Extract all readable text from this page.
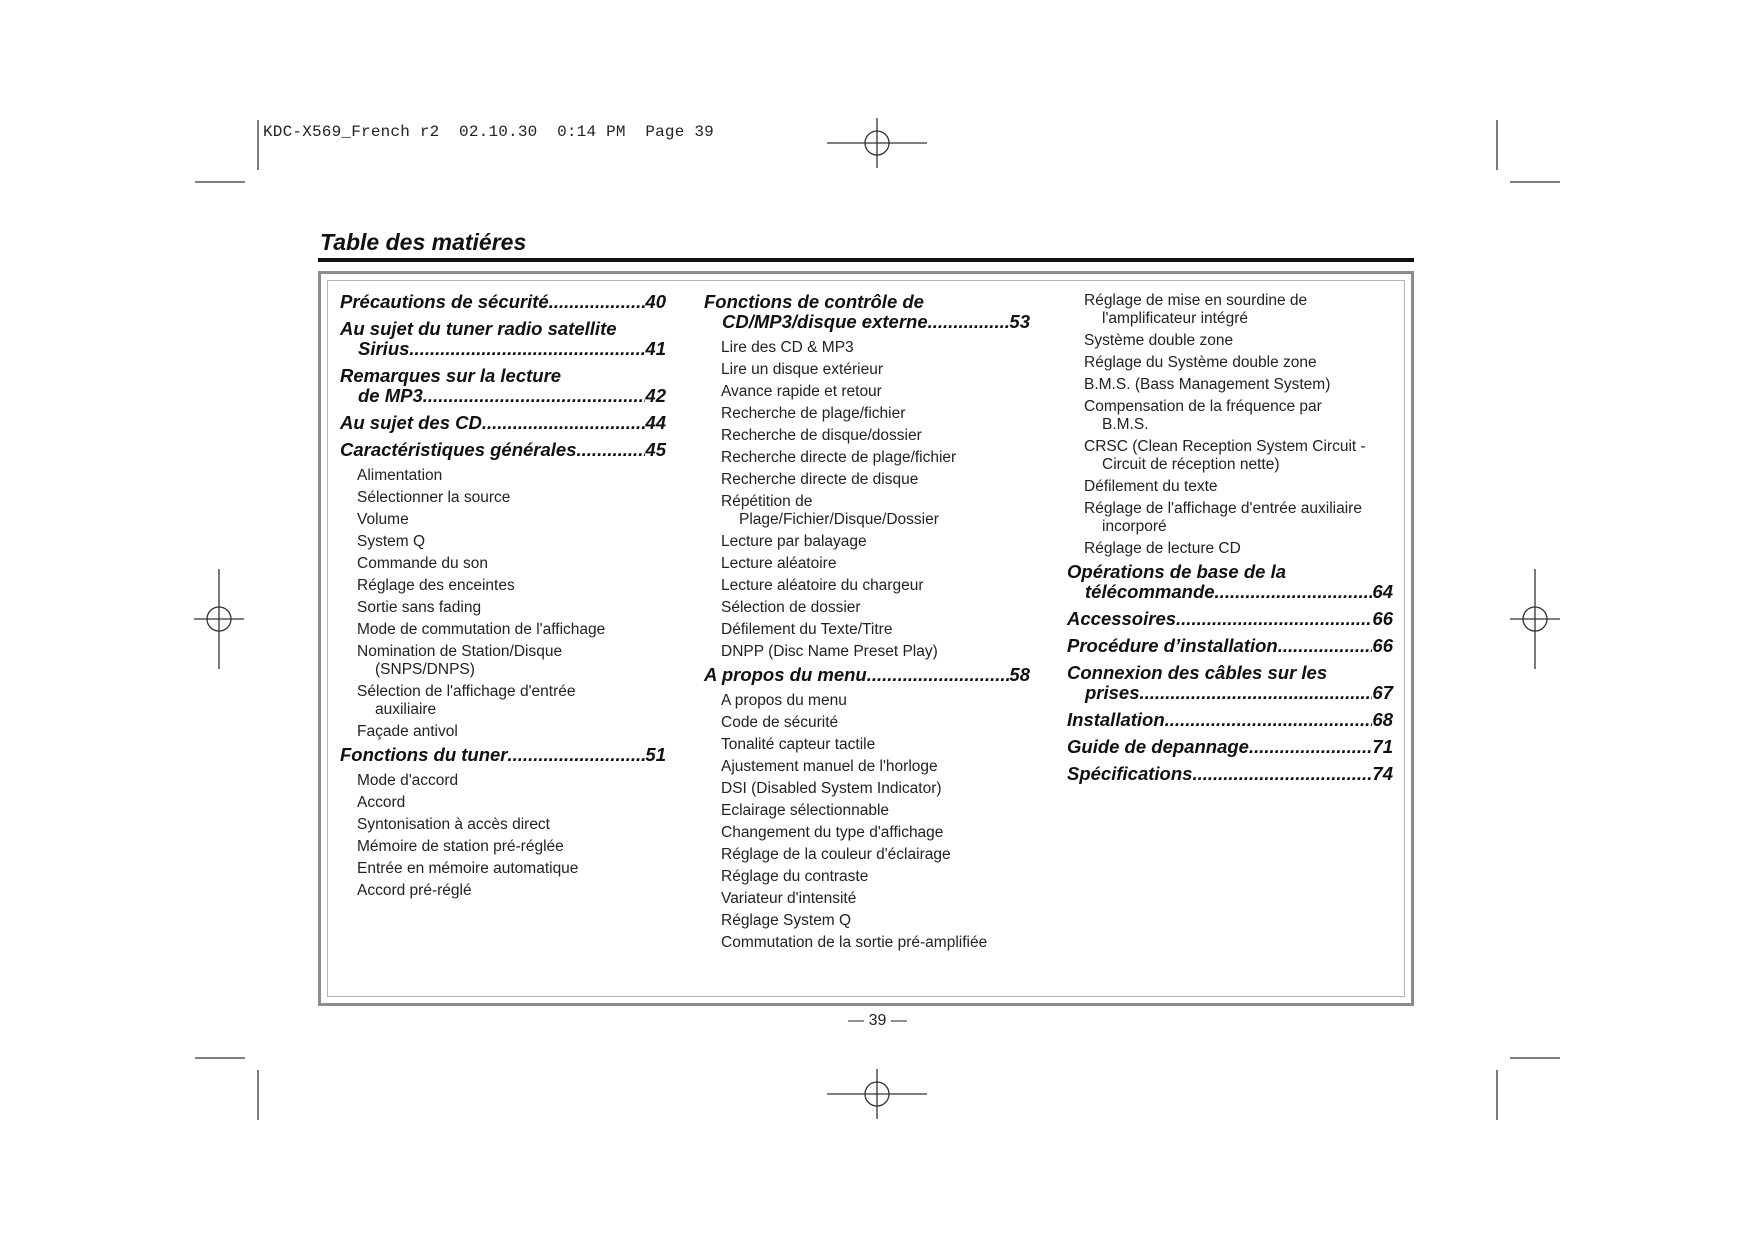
KDC-X569_French r2 02.10.30 0:14 PM Page 39
Table des matiéres
Précautions de sécurité .....	40
Au sujet du tuner radio satellite
Sirius .....	41
Remarques sur la lecture
de MP3 .....	42
Au sujet des CD .....	44
Caractéristiques générales .....	45
Alimentation
Sélectionner la source
Volume
System Q
Commande du son
Réglage des enceintes
Sortie sans fading
Mode de commutation de l'affichage
Nomination de Station/Disque
(SNPS/DNPS)
Sélection de l'affichage d'entrée
auxiliaire
Façade antivol
Fonctions du tuner .....	51
Mode d'accord
Accord
Syntonisation à accès direct
Mémoire de station pré-réglée
Entrée en mémoire automatique
Accord pré-réglé
Fonctions de contrôle de
CD/MP3/disque externe .....	53
Lire des CD & MP3
Lire un disque extérieur
Avance rapide et retour
Recherche de plage/fichier
Recherche de disque/dossier
Recherche directe de plage/fichier
Recherche directe de disque
Répétition de
Plage/Fichier/Disque/Dossier
Lecture par balayage
Lecture aléatoire
Lecture aléatoire du chargeur
Sélection de dossier
Défilement du Texte/Titre
DNPP (Disc Name Preset Play)
A propos du menu .....	58
A propos du menu
Code de sécurité
Tonalité capteur tactile
Ajustement manuel de l'horloge
DSI (Disabled System Indicator)
Eclairage sélectionnable
Changement du type d'affichage
Réglage de la couleur d'éclairage
Réglage du contraste
Variateur d'intensité
Réglage System Q
Commutation de la sortie pré-amplifiée
Réglage de mise en sourdine de
l'amplificateur intégré
Système double zone
Réglage du Système double zone
B.M.S. (Bass Management System)
Compensation de la fréquence par
B.M.S.
CRSC (Clean Reception System Circuit -
Circuit de réception nette)
Défilement du texte
Réglage de l'affichage d'entrée auxiliaire
incorporé
Réglage de lecture CD
Opérations de base de la
télécommande .....	64
Accessoires .....	66
Procédure d’installation .....	66
Connexion des câbles sur les
prises .....	67
Installation .....	68
Guide de depannage .....	71
Spécifications .....	74
— 39 —
